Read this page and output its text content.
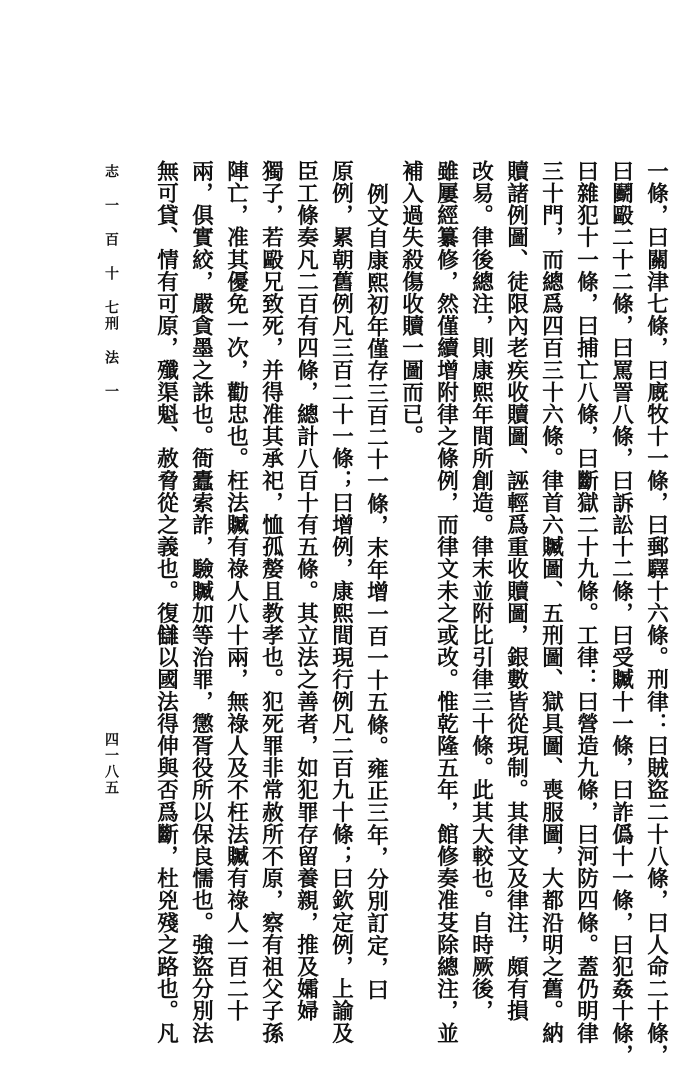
一條，曰關津七條，曰廐牧十一條，曰郵驛十六條。刑律：曰賊盜二十八條，曰人命二十條，
曰鬬毆二十二條，曰罵詈八條，曰訴訟十二條，曰受贓十一條，曰詐僞十一條，曰犯姦十條，
曰雜犯十一條，曰捕亡八條，曰斷獄二十九條。工律：曰營造九條，曰河防四條。蓋仍明律
三十門，而總爲四百三十六條。律首六贓圖、五刑圖、獄具圖、喪服圖，大都沿明之舊。納
贖諸例圖、徒限內老疾收贖圖、誣輕爲重收贖圖，銀數皆從現制。其律文及律注，頗有損
改易。律後總注，則康熙年間所創造。律末並附比引律三十條。此其大較也。自時厥後，
雖屢經纂修，然僅續增附律之條例，而律文未之或改。惟乾隆五年，館修奏准芟除總注，並
補入過失殺傷收贖一圖而已。
例文自康熙初年僅存三百二十一條，末年增一百一十五條。雍正三年，分別訂定，曰
原例，累朝舊例凡三百二十一條；曰增例，康熙間現行例凡二百九十條；曰欽定例，上諭及
臣工條奏凡二百有四條，總計八百十有五條。其立法之善者，如犯罪存留養親，推及孀婦
獨子，若毆兄致死，并得准其承祀，恤孤嫠且教孝也。犯死罪非常赦所不原，察有祖父子孫
陣亡，准其優免一次，勸忠也。枉法贓有祿人八十兩，無祿人及不枉法贓有祿人一百二十
兩，俱實絞，嚴貪墨之誅也。衙蠹索詐，驗贓加等治罪，懲胥役所以保良懦也。強盜分別法
無可貸、情有可原，殲渠魁、赦脅從之義也。復讎以國法得伸與否爲斷，杜兇殘之路也。凡
志 一 百 十 七
刑 法 一
四一八五
